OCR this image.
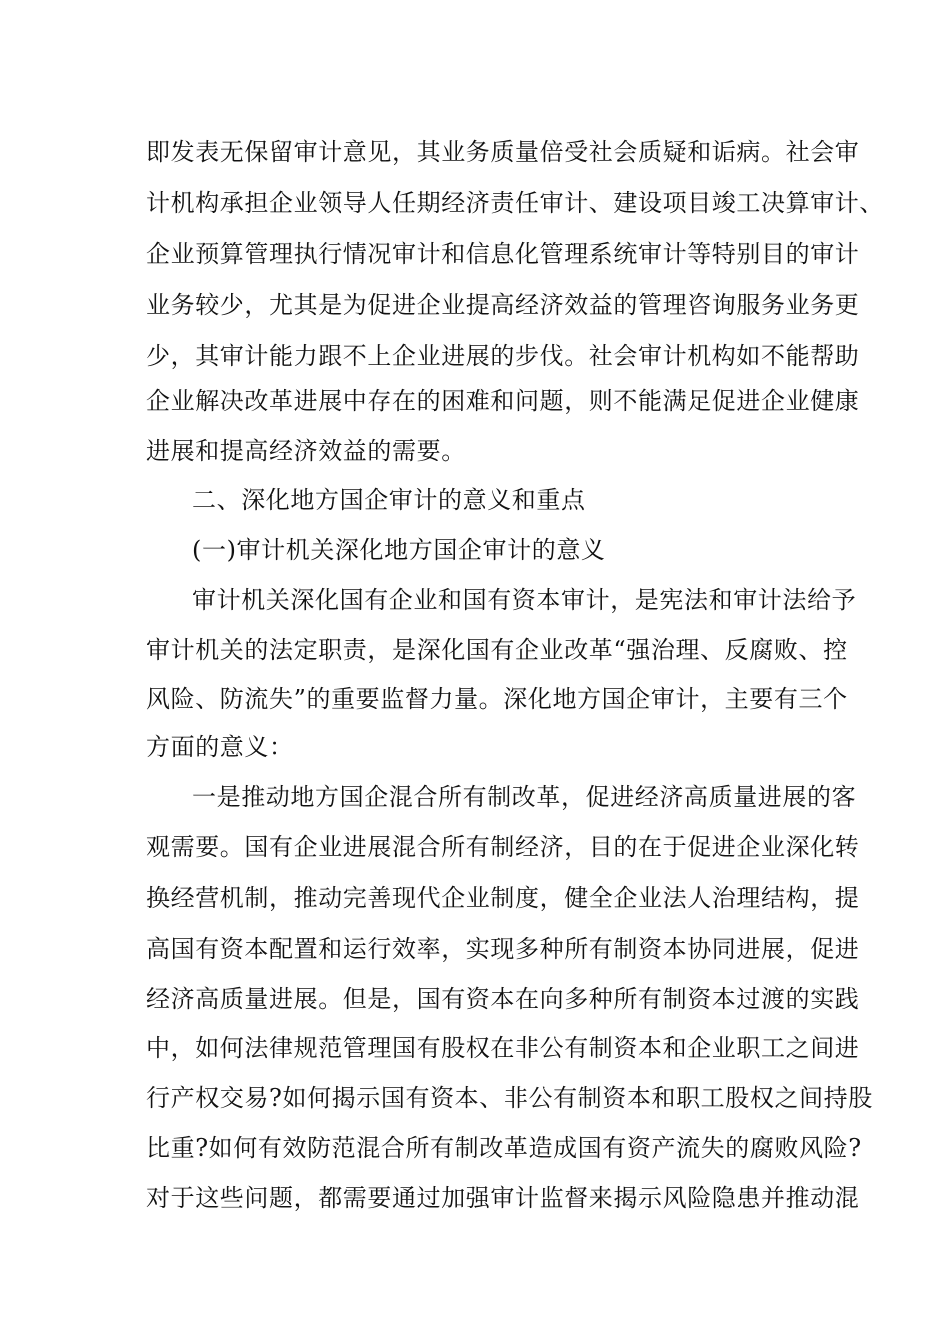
即发表无保留审计意见，其业务质量倍受社会质疑和诟病。社会审
计机构承担企业领导人任期经济责任审计、建设项目竣工决算审计、
企业预算管理执行情况审计和信息化管理系统审计等特别目的审计
业务较少，尤其是为促进企业提高经济效益的管理咨询服务业务更
少，其审计能力跟不上企业进展的步伐。社会审计机构如不能帮助
企业解决改革进展中存在的困难和问题，则不能满足促进企业健康
进展和提高经济效益的需要。
二、深化地方国企审计的意义和重点
(一)审计机关深化地方国企审计的意义
审计机关深化国有企业和国有资本审计，是宪法和审计法给予
审计机关的法定职责，是深化国有企业改革“强治理、反腐败、控
风险、防流失”的重要监督力量。深化地方国企审计，主要有三个
方面的意义：
一是推动地方国企混合所有制改革，促进经济高质量进展的客
观需要。国有企业进展混合所有制经济，目的在于促进企业深化转
换经营机制，推动完善现代企业制度，健全企业法人治理结构，提
高国有资本配置和运行效率，实现多种所有制资本协同进展，促进
经济高质量进展。但是，国有资本在向多种所有制资本过渡的实践
中，如何法律规范管理国有股权在非公有制资本和企业职工之间进
行产权交易?如何揭示国有资本、非公有制资本和职工股权之间持股
比重?如何有效防范混合所有制改革造成国有资产流失的腐败风险?
对于这些问题，都需要通过加强审计监督来揭示风险隐患并推动混
